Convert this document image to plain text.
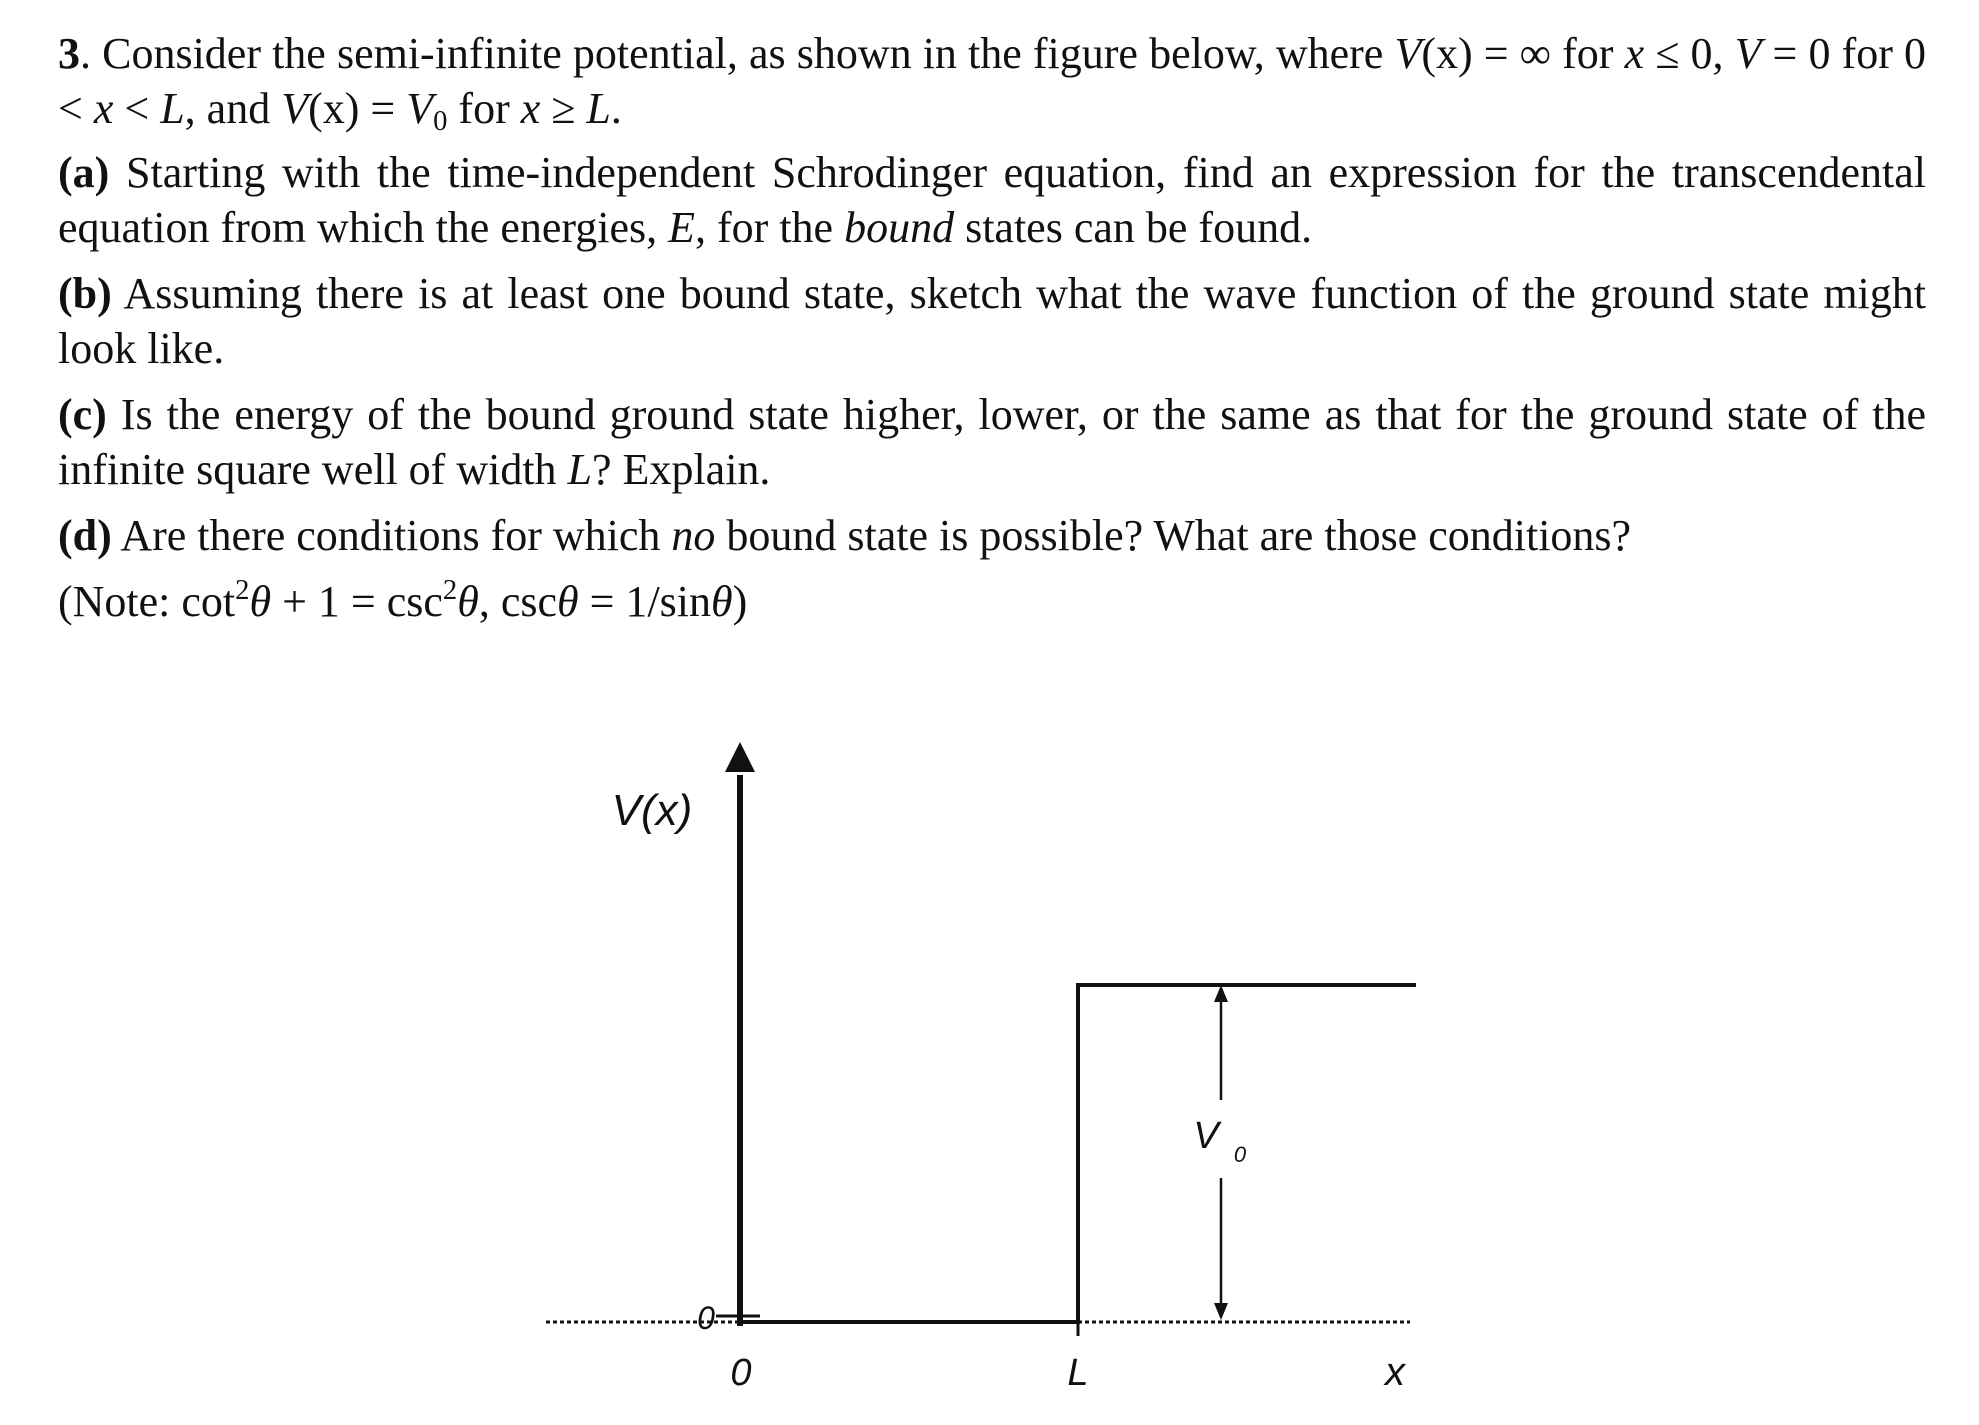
3. Consider the semi-infinite potential, as shown in the figure below, where V(x) = ∞ for x ≤ 0, V = 0 for 0 < x < L, and $V(x) = V_0$ for x ≥ L.

(a) Starting with the time-independent Schrodinger equation, find an expression for the transcendental equation from which the energies, E, for the bound states can be found.

(b) Assuming there is at least one bound state, sketch what the wave function of the ground state might look like.

(c) Is the energy of the bound ground state higher, lower, or the same as that for the ground state of the infinite square well of width L? Explain.

(d) Are there conditions for which no bound state is possible? What are those conditions?

(Note: $\cot^2\theta + 1 = \csc^2\theta$, cscθ = 1/sinθ)

V(x)
0
V 0
0	L	x
